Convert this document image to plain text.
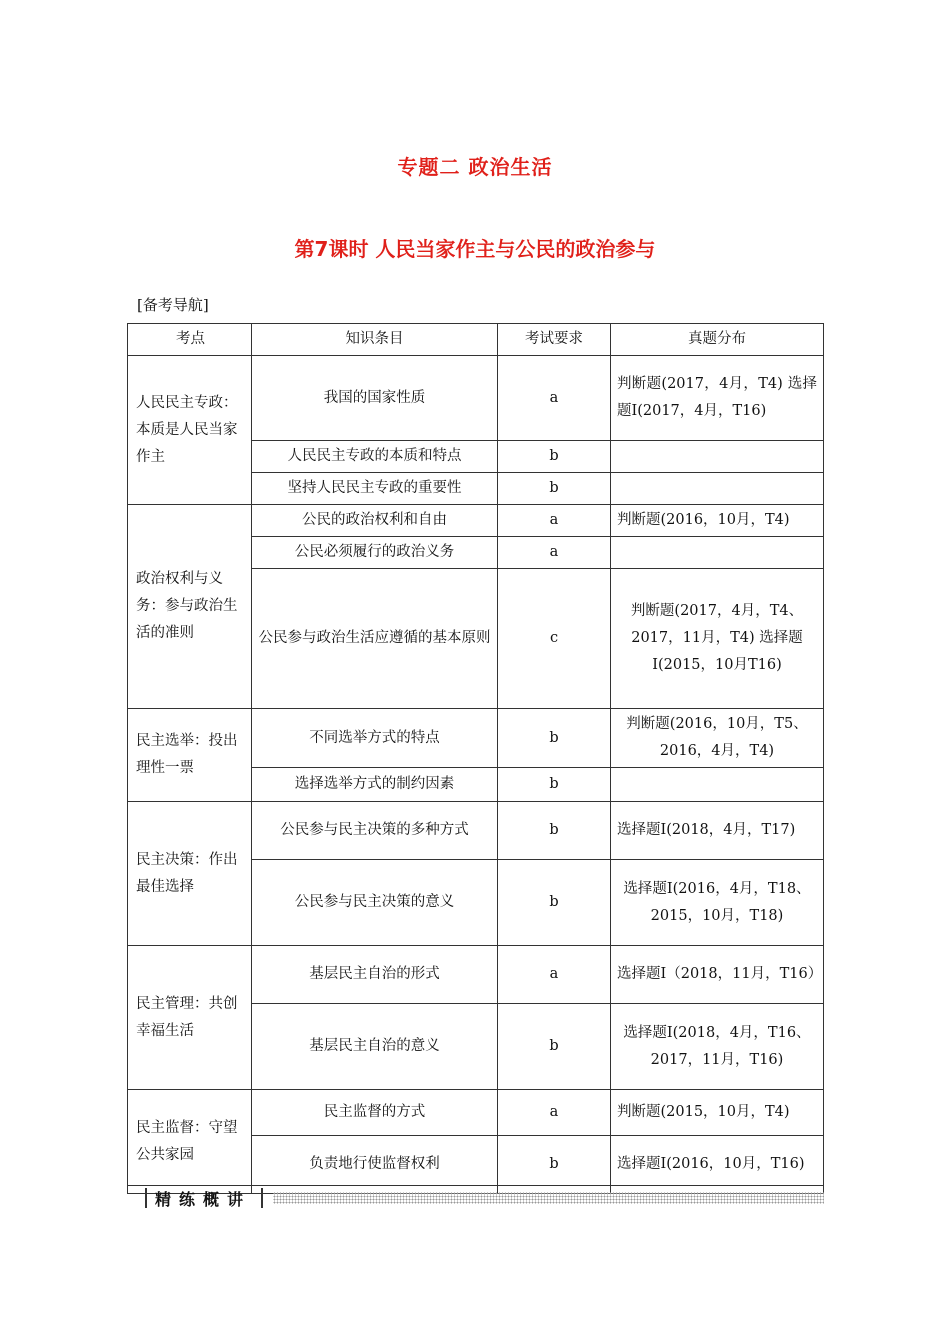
专题二 政治生活
第7课时 人民当家作主与公民的政治参与
[备考导航]
考点	知识条目	考试要求	真题分布
人民民主专政：本质是人民当家作主	我国的国家性质	a	判断题(2017，4月，T4) 选择题Ⅰ(2017，4月，T16)
	人民民主专政的本质和特点	b	
	坚持人民民主专政的重要性	b	
政治权利与义务：参与政治生活的准则	公民的政治权利和自由	a	判断题(2016，10月，T4)
	公民必须履行的政治义务	a	
	公民参与政治生活应遵循的基本原则	c	判断题(2017，4月，T4、2017，11月，T4) 选择题Ⅰ(2015，10月T16)
民主选举：投出理性一票	不同选举方式的特点	b	判断题(2016，10月，T5、2016，4月，T4)
	选择选举方式的制约因素	b	
民主决策：作出最佳选择	公民参与民主决策的多种方式	b	选择题Ⅰ(2018，4月，T17)
	公民参与民主决策的意义	b	选择题Ⅰ(2016，4月，T18、2015，10月，T18)
民主管理：共创幸福生活	基层民主自治的形式	a	选择题Ⅰ（2018，11月，T16）
	基层民主自治的意义	b	选择题Ⅰ(2018，4月，T16、2017，11月，T16)
民主监督：守望公共家园	民主监督的方式	a	判断题(2015，10月，T4)
	负责地行使监督权利	b	选择题Ⅰ(2016，10月，T16)
精练概讲
